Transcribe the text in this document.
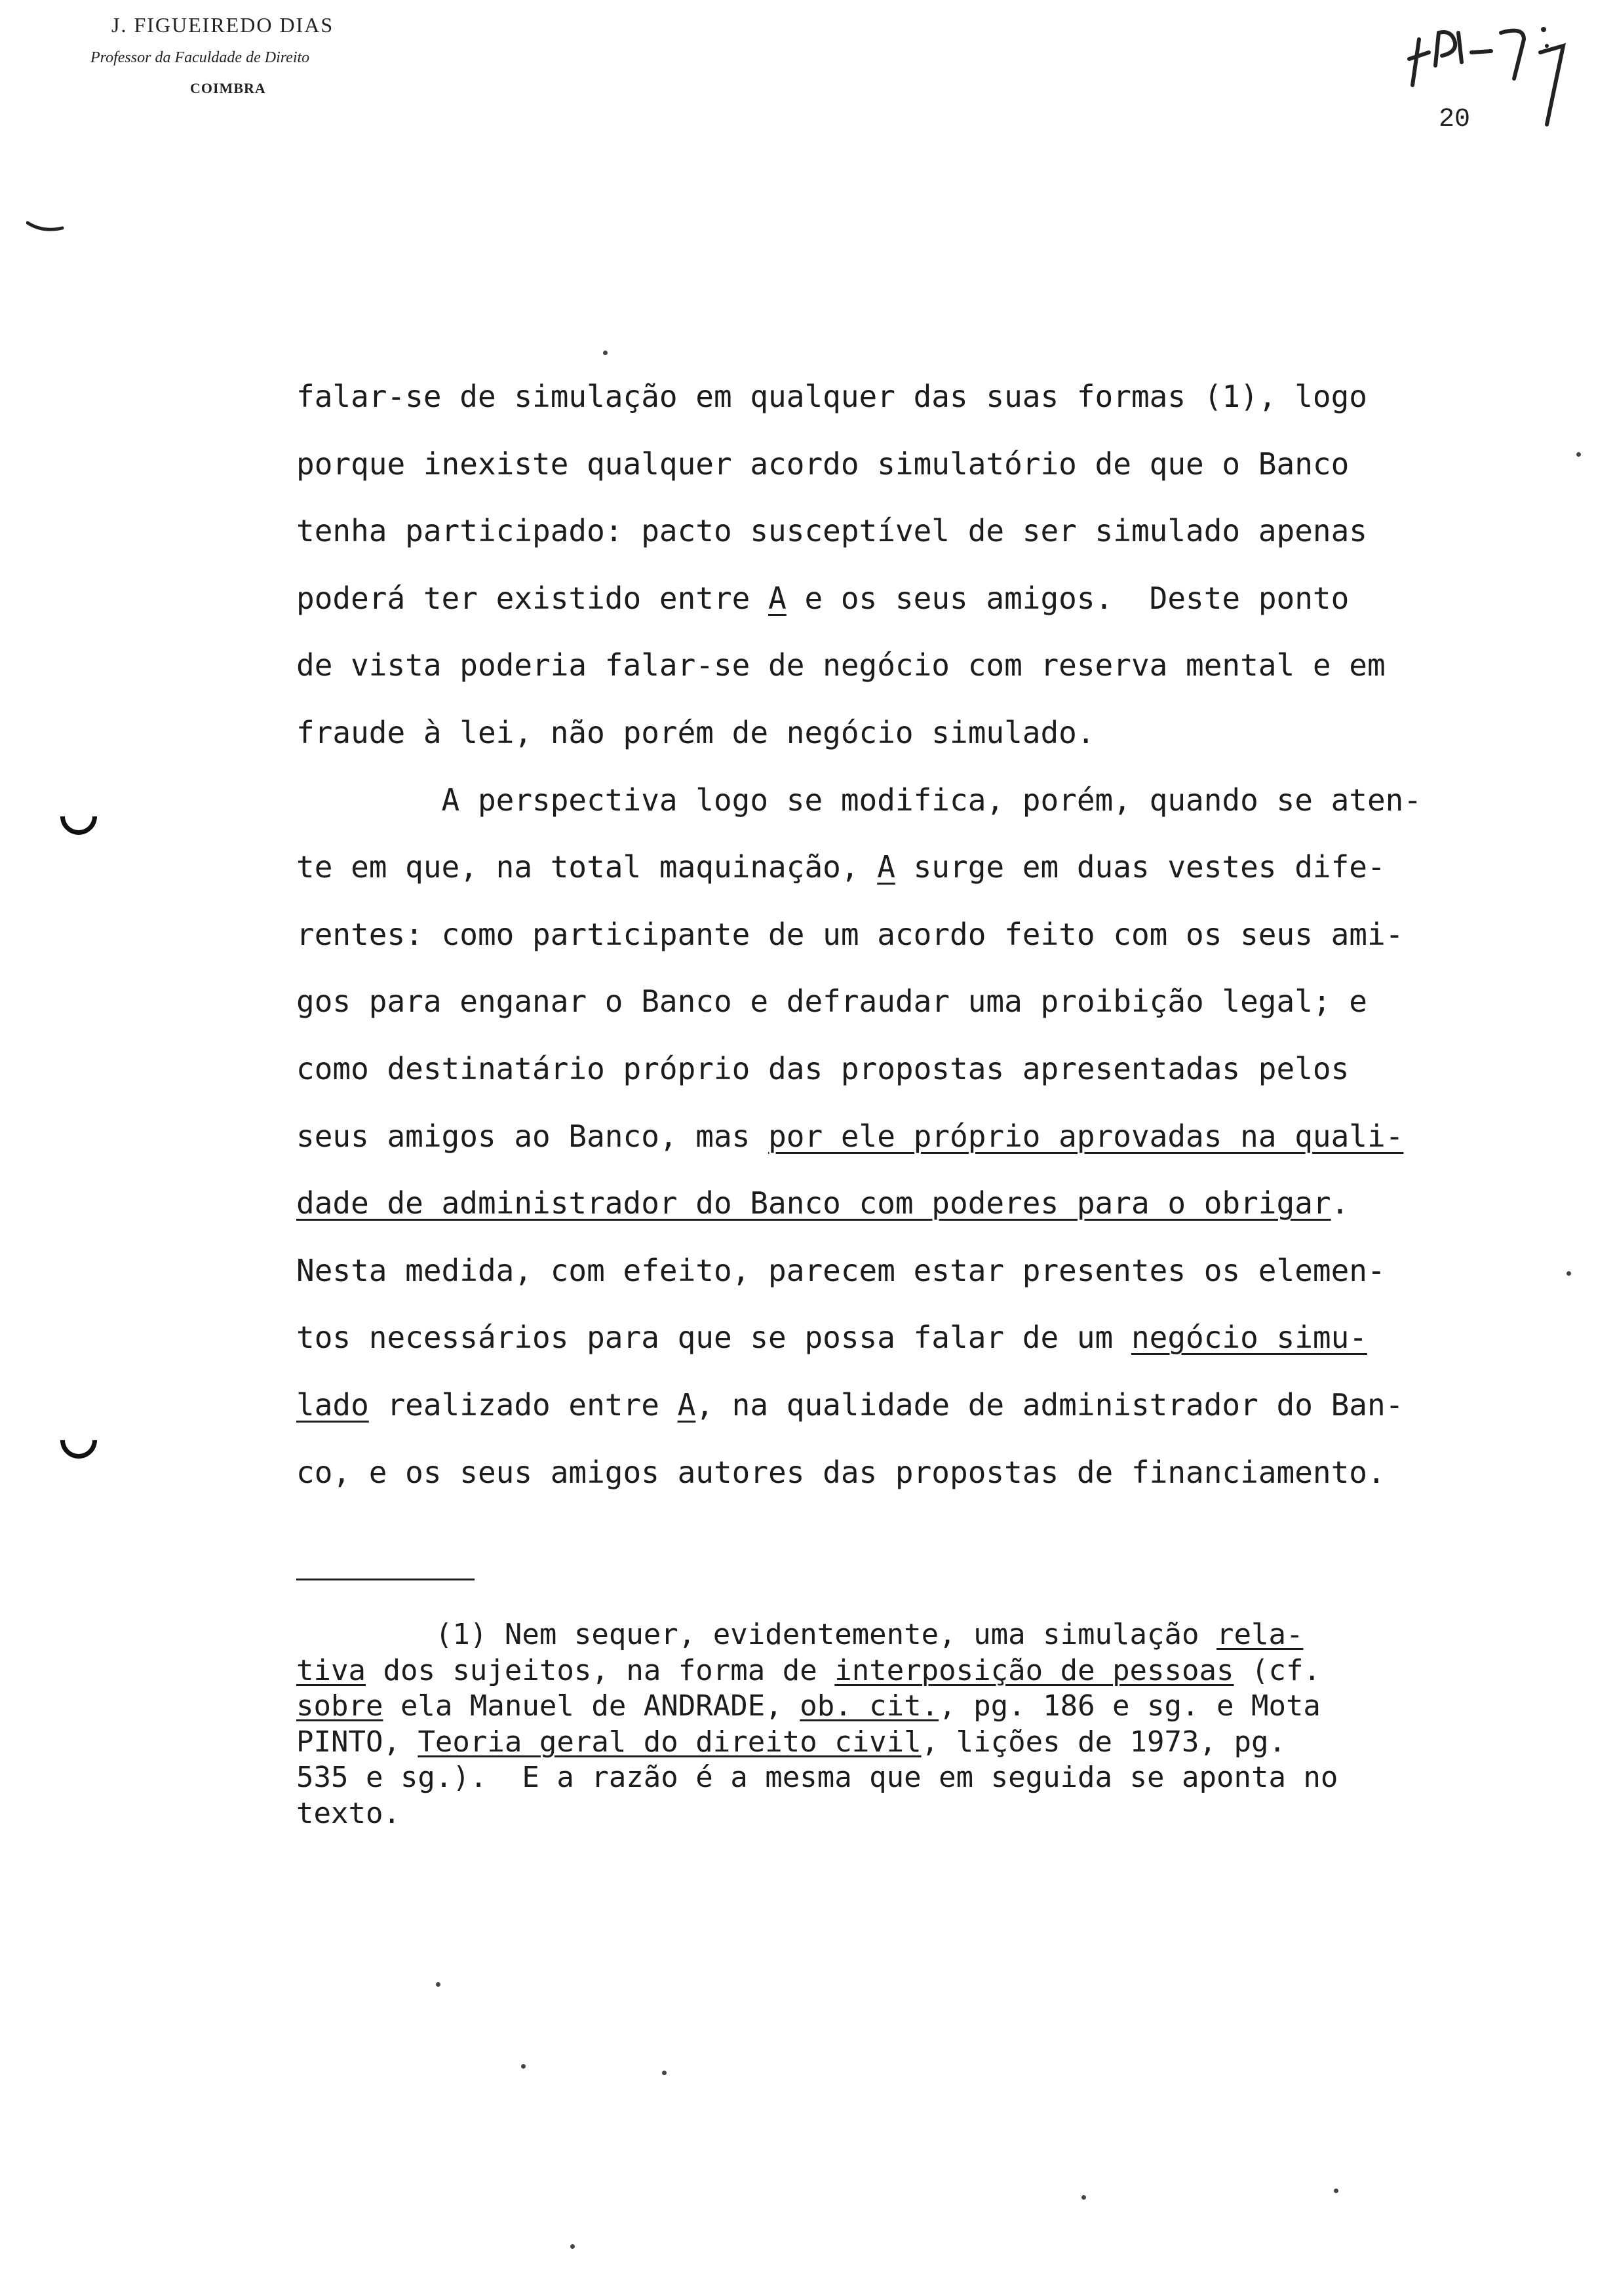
J. FIGUEIREDO DIAS
Professor da Faculdade de Direito
COIMBRA
20
falar-se de simulação em qualquer das suas formas (1), logo
porque inexiste qualquer acordo simulatório de que o Banco
tenha participado: pacto susceptível de ser simulado apenas
poderá ter existido entre A e os seus amigos.  Deste ponto
de vista poderia falar-se de negócio com reserva mental e em
fraude à lei, não porém de negócio simulado.
A perspectiva logo se modifica, porém, quando se aten-
te em que, na total maquinação, A surge em duas vestes dife-
rentes: como participante de um acordo feito com os seus ami-
gos para enganar o Banco e defraudar uma proibição legal; e
como destinatário próprio das propostas apresentadas pelos
seus amigos ao Banco, mas por ele próprio aprovadas na quali-
dade de administrador do Banco com poderes para o obrigar.
Nesta medida, com efeito, parecem estar presentes os elemen-
tos necessários para que se possa falar de um negócio simu-
lado realizado entre A, na qualidade de administrador do Ban-
co, e os seus amigos autores das propostas de financiamento.
(1) Nem sequer, evidentemente, uma simulação rela-
tiva dos sujeitos, na forma de interposição de pessoas (cf.
sobre ela Manuel de ANDRADE, ob. cit., pg. 186 e sg. e Mota
PINTO, Teoria geral do direito civil, lições de 1973, pg.
535 e sg.).  E a razão é a mesma que em seguida se aponta no
texto.
